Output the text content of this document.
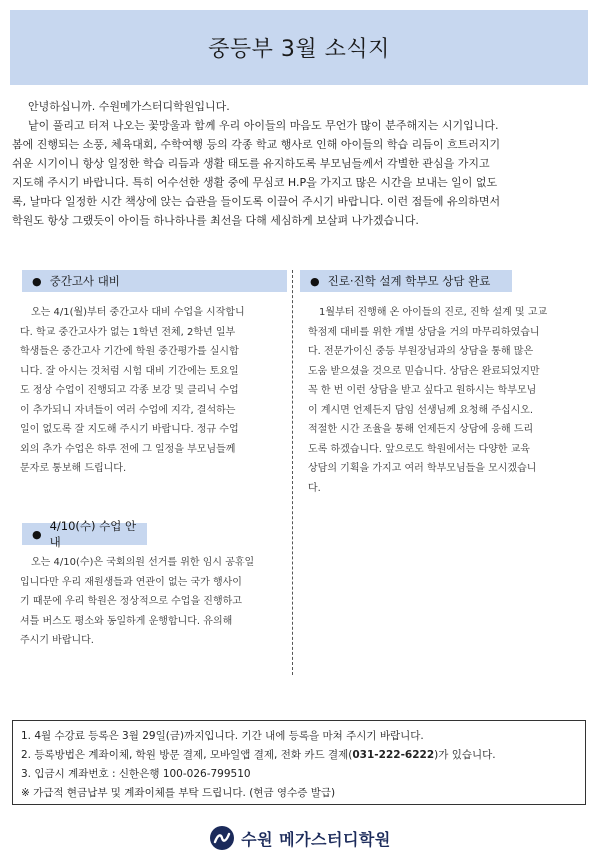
중등부 3월 소식지

안녕하십니까. 수원메가스터디학원입니다.

낱이 풀리고 터져 나오는 꽃망울과 함께 우리 아이들의 마음도 무언가 많이 분주해지는 시기입니다.

봄에 진행되는 소풍, 체육대회, 수학여행 등의 각종 학교 행사로 인해 아이들의 학습 리듬이 흐트러지기

쉬운 시기이니 항상 일정한 학습 리듬과 생활 태도를 유지하도록 부모님들께서 각별한 관심을 가지고

지도해 주시기 바랍니다. 특히 어수선한 생활 중에 무심코 H.P을 가지고 많은 시간을 보내는 일이 없도

록, 날마다 일정한 시간 책상에 앉는 습관을 들이도록 이끌어 주시기 바랍니다. 이런 점들에 유의하면서

학원도 항상 그랬듯이 아이들 하나하나를 최선을 다해 세심하게 보살펴 나가겠습니다.

● 중간고사 대비

오는 4/1(월)부터 중간고사 대비 수업을 시작합니

다. 학교 중간고사가 없는 1학년 전체, 2학년 일부

학생들은 중간고사 기간에 학원 중간평가를 실시합

니다. 잘 아시는 것처럼 시험 대비 기간에는 토요일

도 정상 수업이 진행되고 각종 보강 및 클리닉 수업

이 추가되니 자녀들이 여러 수업에 지각, 결석하는

일이 없도록 잘 지도해 주시기 바랍니다. 정규 수업

외의 추가 수업은 하루 전에 그 일정을 부모님들께

문자로 통보해 드립니다.

● 진로·진학 설계 학부모 상담 완료

1월부터 진행해 온 아이들의 진로, 진학 설계 및 고교

학점제 대비를 위한 개별 상담을 거의 마무리하였습니

다. 전문가이신 중등 부원장님과의 상담을 통해 많은

도움 받으셨을 것으로 믿습니다. 상담은 완료되었지만

꼭 한 번 이런 상담을 받고 싶다고 원하시는 학부모님

이 계시면 언제든지 담임 선생님께 요청해 주십시오.

적절한 시간 조율을 통해 언제든지 상담에 응해 드리

도록 하겠습니다. 앞으로도 학원에서는 다양한 교육

상담의 기획을 가지고 여러 학부모님들을 모시겠습니

다.

●
4/10(수) 수업 안내

오는 4/10(수)은 국회의원 선거를 위한 임시 공휴일

입니다만 우리 재원생들과 연관이 없는 국가 행사이

기 때문에 우리 학원은 정상적으로 수업을 진행하고

셔틀 버스도 평소와 동일하게 운행합니다. 유의해

주시기 바랍니다.

1. 4월 수강료 등록은 3월 29일(금)까지입니다. 기간 내에 등록을 마쳐 주시기 바랍니다.

2. 등록방법은 계좌이체, 학원 방문 결제, 모바일앱 결제, 전화 카드 결제(031-222-6222)가 있습니다.

3. 입금시 계좌번호 : 신한은행 100-026-799510

※ 가급적 현금납부 및 계좌이체를 부탁 드립니다. (현금 영수증 발급)

수원 메가스터디학원
